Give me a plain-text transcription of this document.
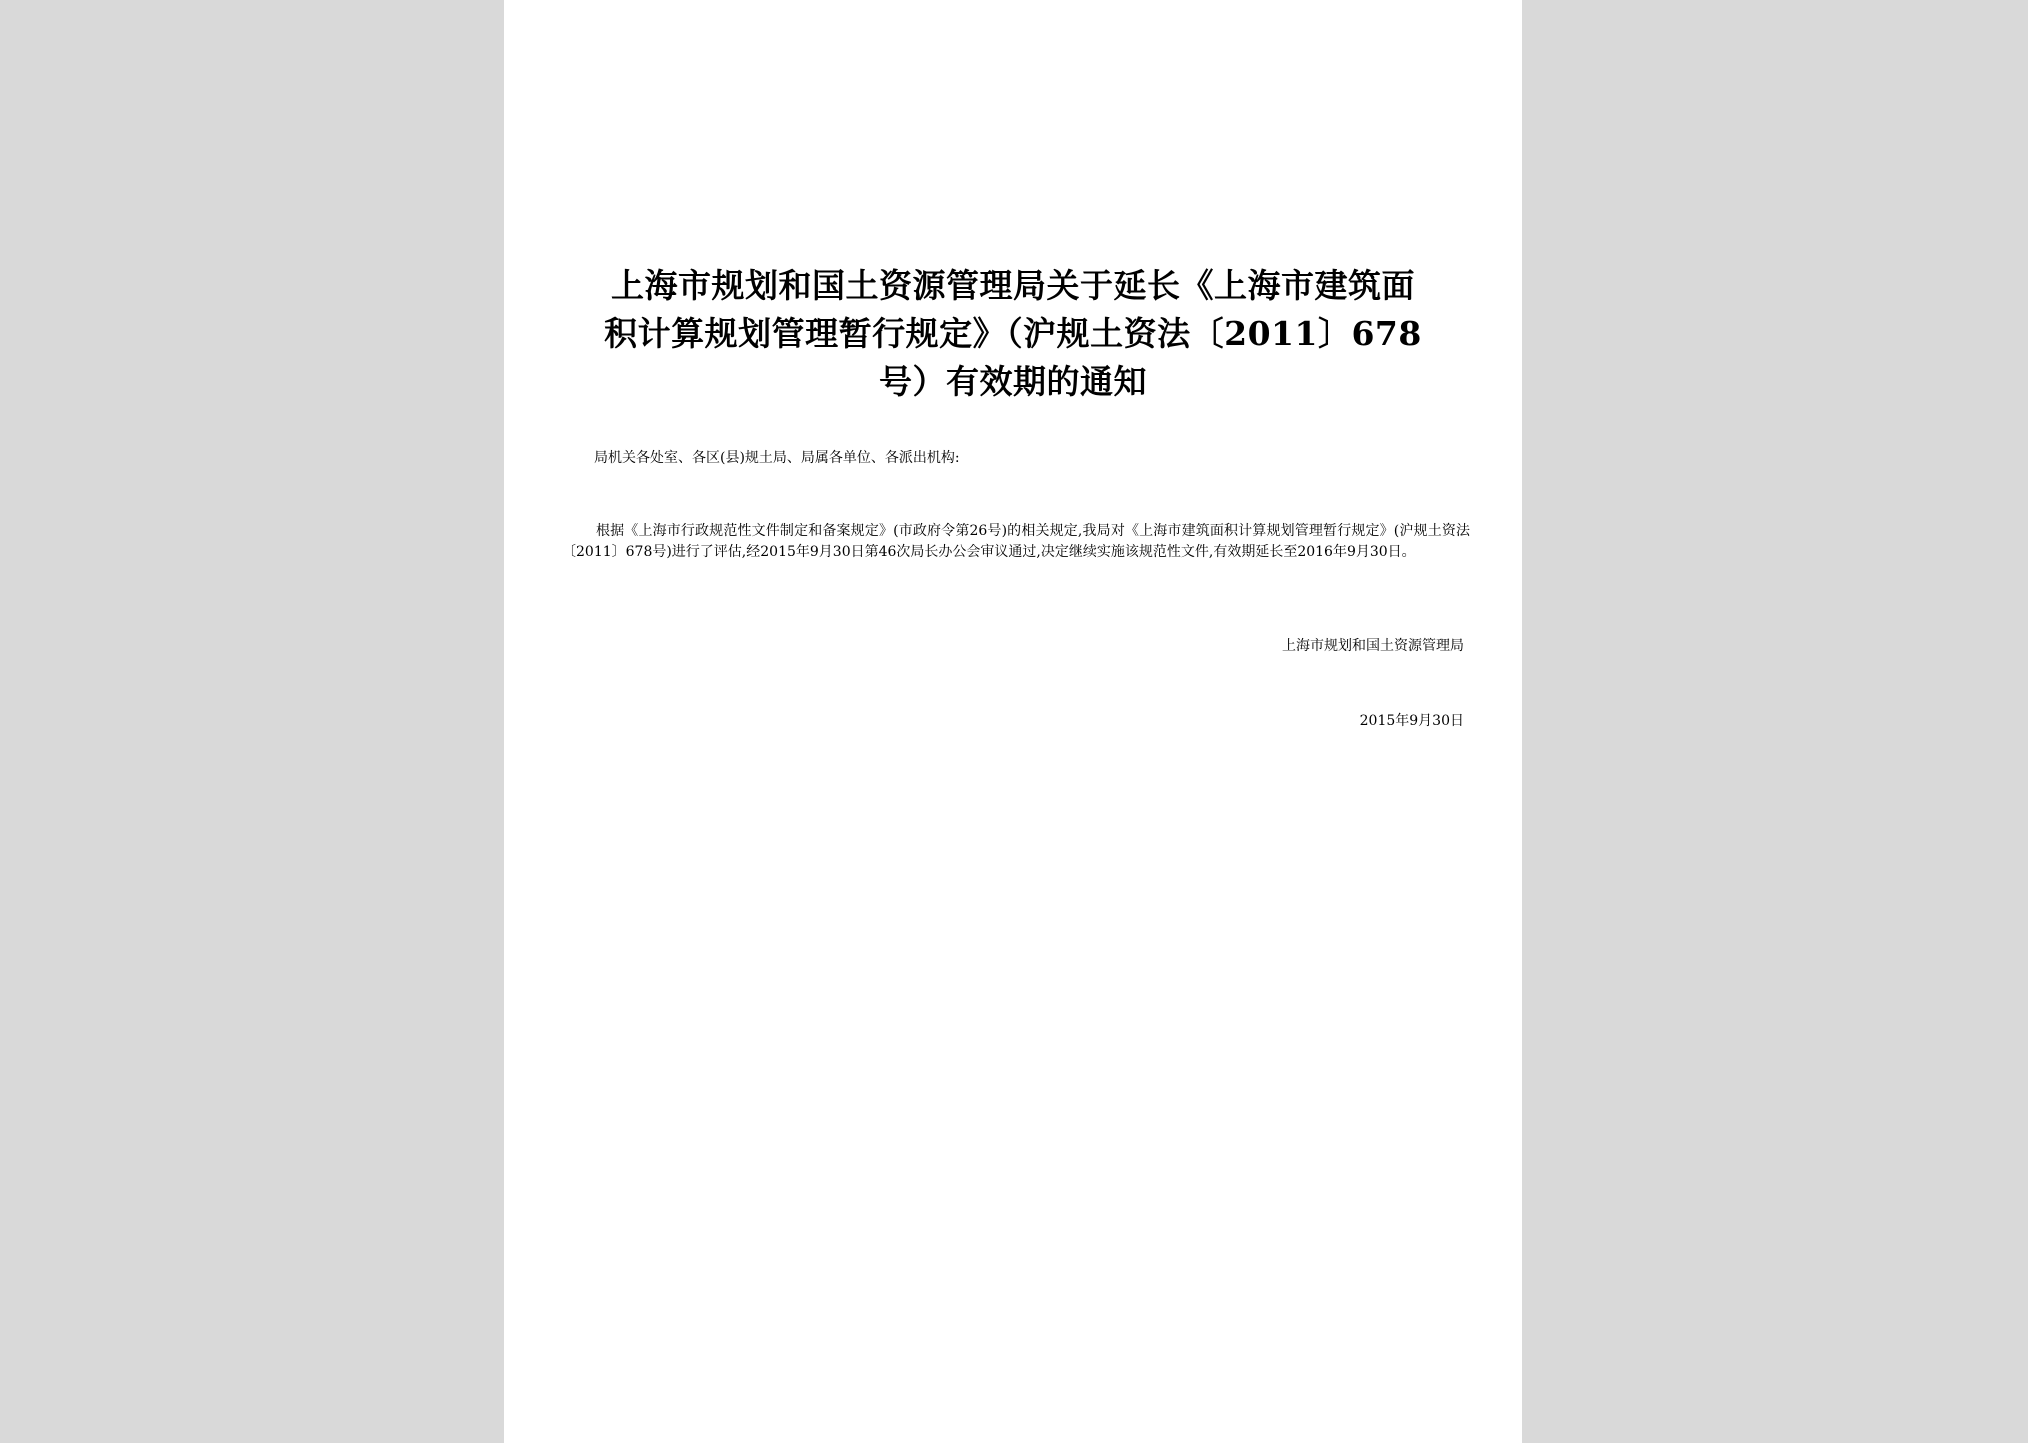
上海市规划和国土资源管理局关于延长《上海市建筑面
积计算规划管理暂行规定》（沪规土资法〔2011〕678
号）有效期的通知
局机关各处室、各区(县)规土局、局属各单位、各派出机构:

根据《上海市行政规范性文件制定和备案规定》(市政府令第26号)的相关规定,我局对《上海市建筑面积计算规划管理暂行规定》(沪规土资法〔2011〕678号)进行了评估,经2015年9月30日第46次局长办公会审议通过,决定继续实施该规范性文件,有效期延长至2016年9月30日。

上海市规划和国土资源管理局
2015年9月30日
